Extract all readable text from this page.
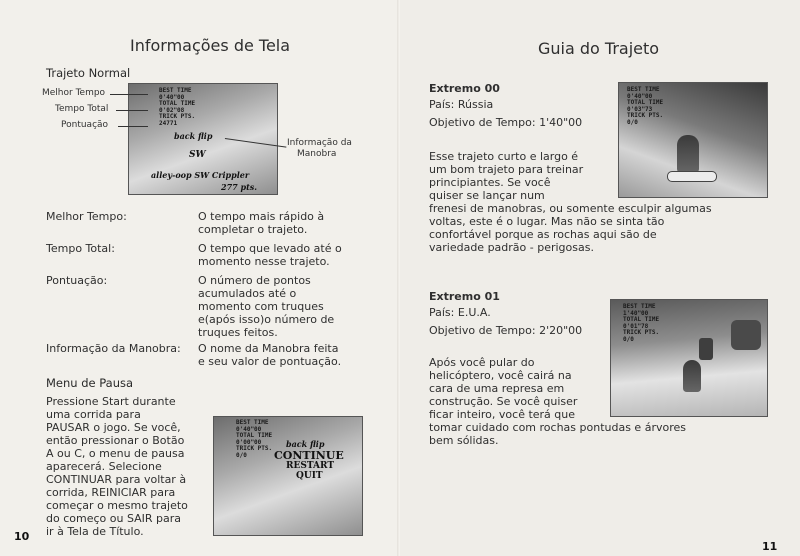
Informações de Tela
Trajeto Normal
BEST TIME
0'40"00
TOTAL TIME
0'02"08
TRICK PTS.
24771
back flip
SW
alley-oop SW Crippler
277 pts.
Melhor Tempo
Tempo Total
Pontuação
Informação da
Manobra
Melhor Tempo:	O tempo mais rápido à
completar o trajeto.
Tempo Total:	O tempo que levado até o
momento nesse trajeto.
Pontuação:	O número de pontos
acumulados até o
momento com truques
e(após isso)o número de
truques feitos.
Informação da Manobra: O nome da Manobra feita
e seu valor de pontuação.
Menu de Pausa
Pressione Start durante
uma corrida para
PAUSAR o jogo. Se você,
então pressionar o Botão
A ou C, o menu de pausa
aparecerá. Selecione
CONTINUAR para voltar à
corrida, REINICIAR para
começar o mesmo trajeto
do começo ou SAIR para
ir à Tela de Título.
BEST TIME
0'40"00
TOTAL TIME
0'00"00
TRICK PTS.
0/0
back flip
CONTINUE
RESTART
QUIT
10
Guia do Trajeto
Extremo 00
País: Rússia
Objetivo de Tempo: 1'40"00
BEST TIME
0'40"00
TOTAL TIME
0'03"73
TRICK PTS.
0/0
Esse trajeto curto e largo é
um bom trajeto para treinar
principiantes. Se você
quiser se lançar num
frenesi de manobras, ou somente esculpir algumas
voltas, este é o lugar. Mas não se sinta tão
confortável porque as rochas aqui são de
variedade padrão - perigosas.
Extremo 01
País: E.U.A.
Objetivo de Tempo: 2'20"00
BEST TIME
1'40"00
TOTAL TIME
0'01"78
TRICK PTS.
0/0
Após você pular do
helicóptero, você cairá na
cara de uma represa em
construção. Se você quiser
ficar inteiro, você terá que
tomar cuidado com rochas pontudas e árvores
bem sólidas.
11
